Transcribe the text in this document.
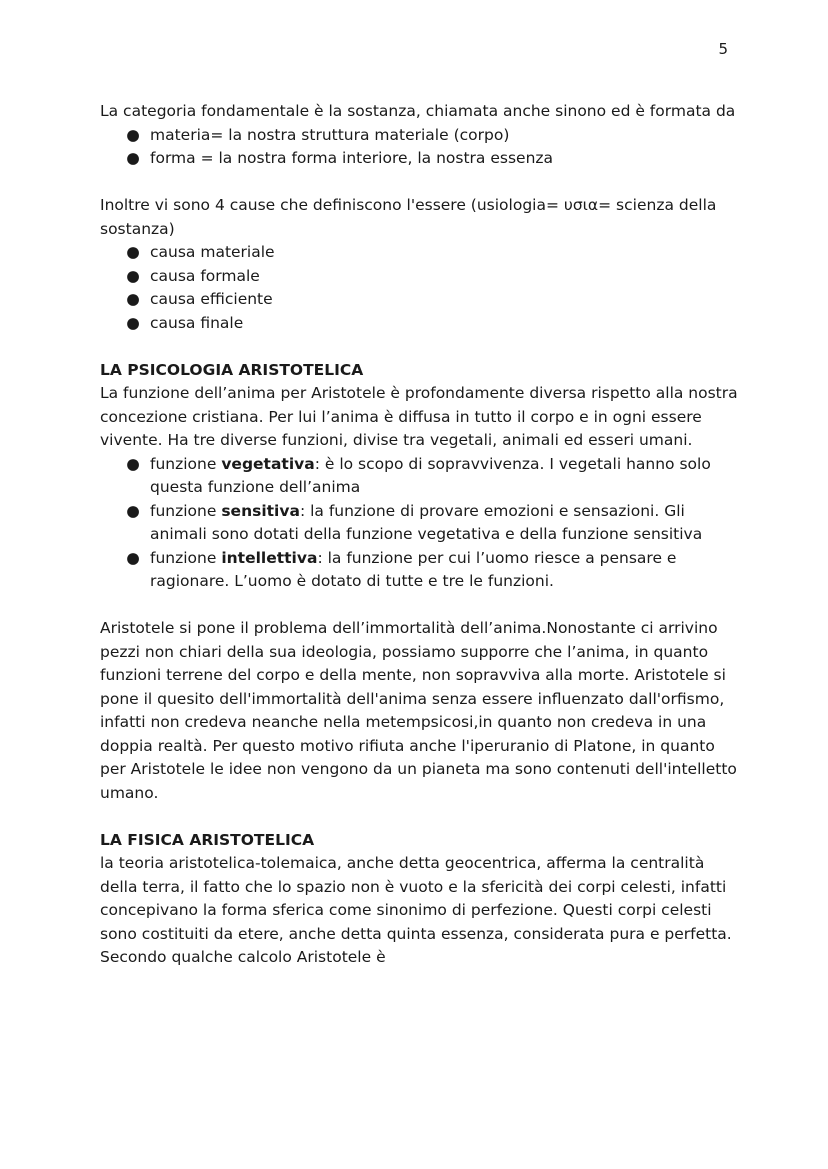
5

La categoria fondamentale è la sostanza, chiamata anche sinono ed è formata da

● materia= la nostra struttura materiale (corpo)
● forma = la nostra forma interiore, la nostra essenza

Inoltre vi sono 4 cause che definiscono l'essere (usiologia= υσια= scienza della sostanza)

● causa materiale
● causa formale
● causa efficiente
● causa finale

LA PSICOLOGIA ARISTOTELICA

La funzione dell’anima per Aristotele è profondamente diversa rispetto alla nostra concezione cristiana. Per lui l’anima è diffusa in tutto il corpo e in ogni essere vivente. Ha tre diverse funzioni, divise tra vegetali, animali ed esseri umani.

● funzione vegetativa: è lo scopo di sopravvivenza. I vegetali hanno solo questa funzione dell’anima
● funzione sensitiva: la funzione di provare emozioni e sensazioni. Gli animali sono dotati della funzione vegetativa e della funzione sensitiva
● funzione intellettiva: la funzione per cui l’uomo riesce a pensare e ragionare. L’uomo è dotato di tutte e tre le funzioni.

Aristotele si pone il problema dell’immortalità dell’anima.Nonostante ci arrivino pezzi non chiari della sua ideologia, possiamo supporre che l’anima, in quanto funzioni terrene del corpo e della mente, non sopravviva alla morte. Aristotele si pone il quesito dell'immortalità dell'anima senza essere influenzato dall'orfismo, infatti non credeva neanche nella metempsicosi,in quanto non credeva in una doppia realtà. Per questo motivo rifiuta anche l'iperuranio di Platone, in quanto per Aristotele le idee non vengono da un pianeta ma sono contenuti dell'intelletto umano.

LA FISICA ARISTOTELICA

la teoria aristotelica-tolemaica, anche detta geocentrica, afferma la centralità della terra, il fatto che lo spazio non è vuoto e la sfericità dei corpi celesti, infatti concepivano la forma sferica come sinonimo di perfezione. Questi corpi celesti sono costituiti da etere, anche detta quinta essenza, considerata pura e perfetta. Secondo qualche calcolo Aristotele è
